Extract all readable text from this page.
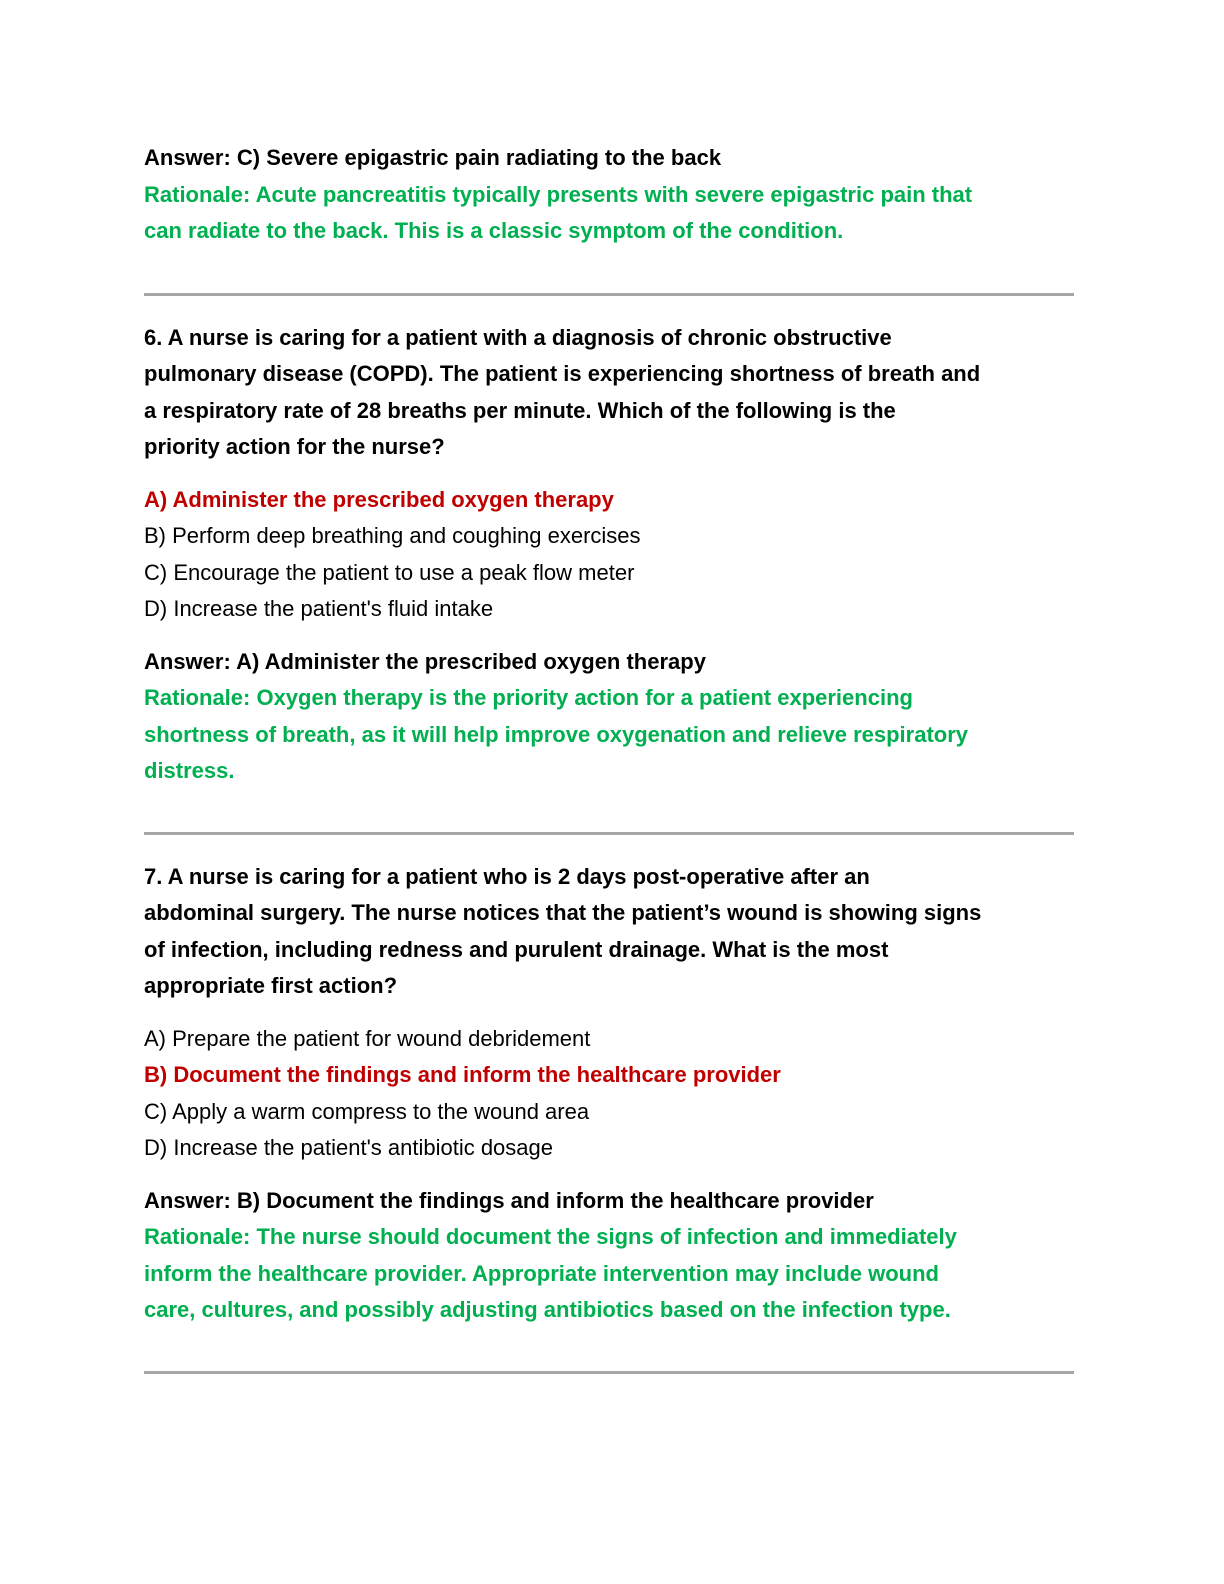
Answer: C) Severe epigastric pain radiating to the back

Rationale: Acute pancreatitis typically presents with severe epigastric pain that

can radiate to the back. This is a classic symptom of the condition.

6. A nurse is caring for a patient with a diagnosis of chronic obstructive

pulmonary disease (COPD). The patient is experiencing shortness of breath and

a respiratory rate of 28 breaths per minute. Which of the following is the

priority action for the nurse?

A) Administer the prescribed oxygen therapy
B) Perform deep breathing and coughing exercises
C) Encourage the patient to use a peak flow meter
D) Increase the patient's fluid intake

Answer: A) Administer the prescribed oxygen therapy

Rationale: Oxygen therapy is the priority action for a patient experiencing

shortness of breath, as it will help improve oxygenation and relieve respiratory

distress.

7. A nurse is caring for a patient who is 2 days post-operative after an

abdominal surgery. The nurse notices that the patient’s wound is showing signs

of infection, including redness and purulent drainage. What is the most

appropriate first action?

A) Prepare the patient for wound debridement
B) Document the findings and inform the healthcare provider
C) Apply a warm compress to the wound area
D) Increase the patient's antibiotic dosage

Answer: B) Document the findings and inform the healthcare provider

Rationale: The nurse should document the signs of infection and immediately

inform the healthcare provider. Appropriate intervention may include wound

care, cultures, and possibly adjusting antibiotics based on the infection type.
